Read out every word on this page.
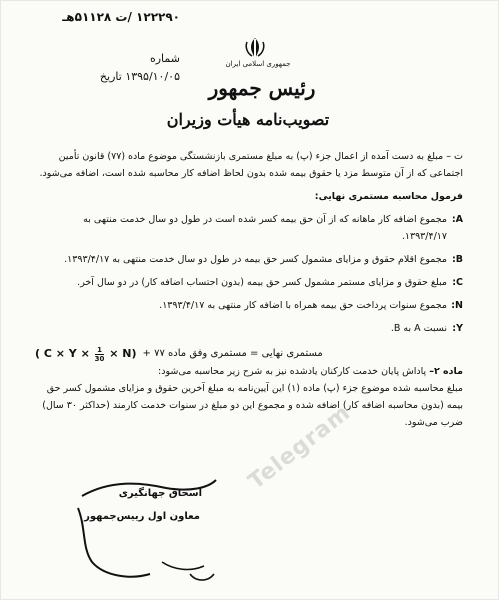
۱۲۲۲۹۰ /ت ۵۱۱۲۸هـ
شماره
۱۳۹۵/۱۰/۰۵ تاریخ
جمهوری اسلامی ایران
رئیس جمهور
تصویب‌نامه هیأت وزیران

ت – مبلغ به دست آمده از اعمال جزء (پ) به مبلغ مستمری بازنشستگی موضوع ماده (۷۷) قانون تأمین اجتماعی که از آن متوسط مزد یا حقوق بیمه شده بدون لحاظ اضافه کار محاسبه شده است، اضافه می‌شود.

فرمول محاسبه مستمری نهایی:

A:
مجموع اضافه کار ماهانه که از آن حق بیمه کسر شده است در طول دو سال خدمت منتهی به ۱۳۹۳/۴/۱۷.
B:
مجموع اقلام حقوق و مزایای مشمول کسر حق بیمه در طول دو سال خدمت منتهی به ۱۳۹۳/۴/۱۷.
C:
مبلغ حقوق و مزایای مستمر مشمول کسر حق بیمه (بدون احتساب اضافه کار) در دو سال آخر.
N:
مجموع سنوات پرداخت حق بیمه همراه با اضافه کار منتهی به ۱۳۹۳/۴/۱۷.
Y:
نسبت A به B.
مستمری نهایی = مستمری وفق ماده ۷۷ +
( $C \times Y \times \frac{1}{30} \times N$)

ماده ۲– پاداش پایان خدمت کارکنان یادشده نیز به شرح زیر محاسبه می‌شود:

مبلغ محاسبه شده موضوع جزء (پ) ماده (۱) این آیین‌نامه به مبلغ آخرین حقوق و مزایای مشمول کسر حق بیمه (بدون محاسبه اضافه کار) اضافه شده و مجموع این دو مبلغ در سنوات خدمت کارمند (حداکثر ۳۰ سال) ضرب می‌شود.

اسحاق جهانگیری
معاون اول رییس‌جمهور
Telegram
